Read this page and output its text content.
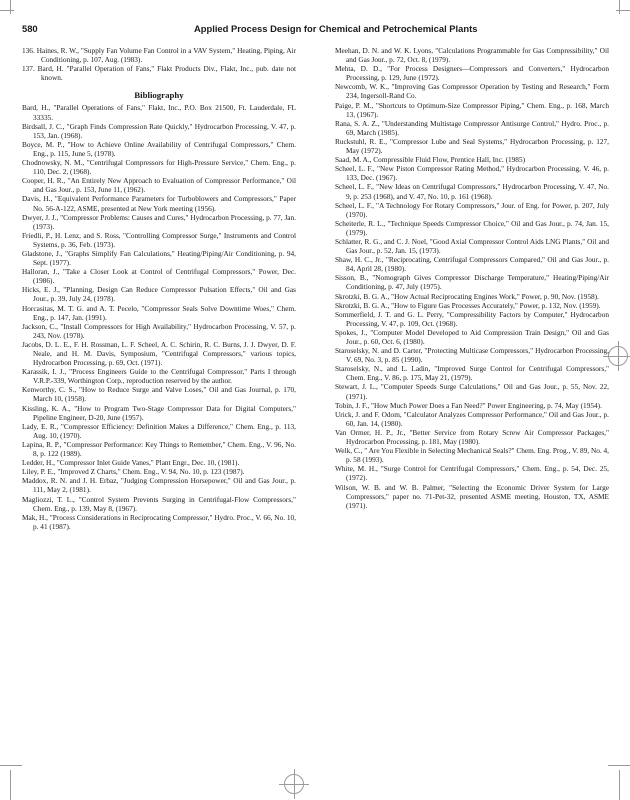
580	Applied Process Design for Chemical and Petrochemical Plants

136. Haines, R. W., "Supply Fan Volume Fan Control in a VAV System," Heating, Piping, Air Conditioning, p. 107, Aug. (1983).

137. Bard, H. "Parallel Operation of Fans," Flakt Products Div., Flakt, Inc., pub. date not known.

Bibliography

Bard, H., "Parallel Operations of Fans," Flakt, Inc., P.O. Box 21500, Ft. Lauderdale, FL 33335.

Birdsall, J. C., "Graph Finds Compression Rate Quickly," Hydrocarbon Processing, V. 47, p. 153, Jan. (1968).

Boyce, M. P., "How to Achieve Online Availability of Centrifugal Compressors," Chem. Eng., p. 115, June 5, (1978).

Chodnowsky, N. M., "Centrifugal Compressors for High-Pressure Service," Chem. Eng., p. 110, Dec. 2, (1968).

Cooper, H. R., "An Entirely New Approach to Evaluation of Compressor Performance," Oil and Gas Jour., p. 153, June 11, (1962).

Davis, H., "Equivalent Performance Parameters for Turboblowers and Compressors," Paper No. 56-A-122, ASME, presented at New York meeting (1956).

Dwyer, J. J., "Compressor Problems: Causes and Cures," Hydrocarbon Processing, p. 77, Jan. (1973).

Friedli, P., H. Lenz, and S. Ross, "Controlling Compressor Surge," Instruments and Control Systems, p. 36, Feb. (1973).

Gladstone, J., "Graphs Simplify Fan Calculations," Heating/Piping/Air Conditioning, p. 94, Sept. (1977).

Halloran, J., "Take a Closer Look at Control of Centrifugal Compressors," Power, Dec. (1986).

Hicks, E. J., "Planning, Design Can Reduce Compressor Pulsation Effects," Oil and Gas Jour., p. 39, July 24, (1978).

Horcasitas, M. T. G. and A. T. Pecelo, "Compressor Seals Solve Downtime Woes," Chem. Eng., p. 147, Jan. (1991).

Jackson, C., "Install Compressors for High Availability," Hydrocarbon Processing, V. 57, p. 243, Nov. (1978).

Jacobs, D. L. E., F. H. Rossman, L. F. Scheel, A. C. Schirin, R. C. Burns, J. J. Dwyer, D. F. Neale, and H. M. Davis, Symposium, "Centrifugal Compressors," various topics, Hydrocarbon Processing, p. 69, Oct. (1971).

Karassik, I. J., "Process Engineers Guide to the Centrifugal Compressor," Parts I through V.R.P.-339, Worthington Corp., reproduction reserved by the author.

Kenworthy, C. S., "How to Reduce Surge and Valve Loses," Oil and Gas Journal, p. 170, March 10, (1958).

Kissling, K. A., "How to Program Two-Stage Compressor Data for Digital Computers," Pipeline Engineer, D-20, June (1957).

Lady, E. R., "Compressor Efficiency: Definition Makes a Difference," Chem. Eng., p. 113, Aug. 10, (1970).

Lapina, R. P., "Compressor Performance: Key Things to Remember," Chem. Eng., V. 96, No. 8, p. 122 (1989).

Ledder, H., "Compressor Inlet Guide Vanes," Plant Engr., Dec. 10, (1981).

Liley, P. E., "Improved Z Charts," Chem. Eng., V. 94, No. 10, p. 123 (1987).

Maddox, R. N. and J. H. Erbaz, "Judging Compression Horsepower," Oil and Gas Jour., p. 111, May 2, (1981).

Magliozzi, T. L., "Control System Prevents Surging in Centrifugal-Flow Compressors," Chem. Eng., p. 139, May 8, (1967).

Mak, H., "Process Considerations in Reciprocating Compressor," Hydro. Proc., V. 66, No. 10, p. 41 (1987).

Meehan, D. N. and W. K. Lyons, "Calculations Programmable for Gas Compressibility," Oil and Gas Jour., p. 72, Oct. 8, (1979).

Mehta, D. D., "For Process Designers—Compressors and Converters," Hydrocarbon Processing, p. 129, June (1972).

Newcomb, W. K., "Improving Gas Compressor Operation by Testing and Research," Form 234, Ingersoll-Rand Co.

Paige, P. M., "Shortcuts to Optimum-Size Compressor Piping," Chem. Eng., p. 168, March 13, (1967).

Rana, S. A. Z., "Understanding Multistage Compressor Antisurge Control," Hydro. Proc., p. 69, March (1985).

Ruckstuhl, R. E., "Compressor Lube and Seal Systems," Hydrocarbon Processing, p. 127, May (1972).

Saad, M. A., Compressible Fluid Flow, Prentice Hall, Inc. (1985)

Scheel, L. F., "New Piston Compressor Rating Method," Hydrocarbon Processing, V. 46, p. 133, Dec. (1967).

Scheel, L. F., "New Ideas on Centrifugal Compressors," Hydrocarbon Processing, V. 47, No. 9, p. 253 (1968), and V. 47, No. 10, p. 161 (1968).

Scheel, L. F., "A Technology For Rotary Compressors," Jour. of Eng. for Power, p. 207, July (1970).

Scheiterle, R. L., "Technique Speeds Compressor Choice," Oil and Gas Jour., p. 74, Jan. 15, (1979).

Schlatter, R. G., and C. J. Noel, "Good Axial Compressor Control Aids LNG Plants," Oil and Gas Jour., p. 52, Jan. 15, (1973).

Shaw, H. C., Jr., "Reciprocating, Centrifugal Compressors Compared," Oil and Gas Jour., p. 84, April 28, (1980).

Sisson, B., "Nomograph Gives Compressor Discharge Temperature," Heating/Piping/Air Conditioning, p. 47, July (1975).

Skrotzki, B. G. A., "How Actual Reciprocating Engines Work," Power, p. 90, Nov. (1958).

Skrotzki, B. G. A., "How to Figure Gas Processes Accurately," Power, p. 132, Nov. (1959).

Sommerfield, J. T. and G. L. Perry, "Compressibility Factors by Computer," Hydrocarbon Processing, V. 47, p. 109, Oct. (1968).

Spokes, J., "Computer Model Developed to Aid Compression Train Design," Oil and Gas Jour., p. 60, Oct. 6, (1980).

Staroselsky, N. and D. Carter, "Protecting Multicase Compressors," Hydrocarbon Processing, V. 69, No. 3, p. 85 (1990).

Staroselsky, N., and L. Ladin, "Improved Surge Control for Centrifugal Compressors," Chem. Eng., V. 86, p. 175, May 21, (1979).

Stewart, J. L., "Computer Speeds Surge Calculations," Oil and Gas Jour., p. 55, Nov. 22, (1971).

Tobin, J. F., "How Much Power Does a Fan Need?" Power Engineering, p. 74, May (1954).

Urick, J. and F. Odom, "Calculator Analyzes Compressor Performance," Oil and Gas Jour., p. 60, Jan. 14, (1980).

Van Ormer, H. P., Jr., "Better Service from Rotary Screw Air Compressor Packages," Hydrocarbon Processing, p. 181, May (1980).

Welk, C., " Are You Flexible in Selecting Mechanical Seals?" Chem. Eng. Prog., V. 89, No. 4, p. 58 (1993).

White, M. H., "Surge Control for Centrifugal Compressors," Chem. Eng., p. 54, Dec. 25, (1972).

Wilson, W. B. and W. B. Palmer, "Selecting the Economic Driver System for Large Compressors," paper no. 71-Pet-32, presented ASME meeting, Houston, TX, ASME (1971).
